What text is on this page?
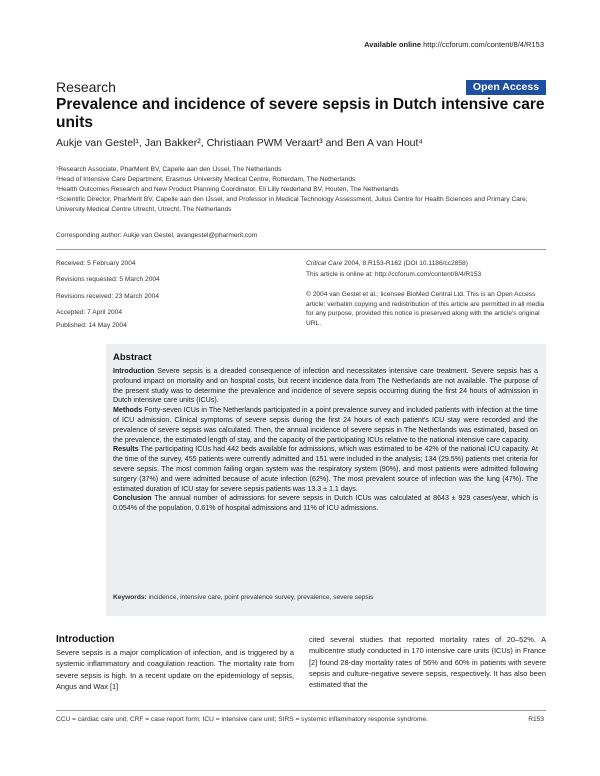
Available online http://ccforum.com/content/8/4/R153
Research	Open Access
Prevalence and incidence of severe sepsis in Dutch intensive care units
Aukje van Gestel¹, Jan Bakker², Christiaan PWM Veraart³ and Ben A van Hout⁴
¹Research Associate, PharMerit BV, Capelle aan den IJssel, The Netherlands
²Head of Intensive Care Department, Erasmus University Medical Centre, Rotterdam, The Netherlands
³Health Outcomes Research and New Product Planning Coordinator, Eli Lilly Nederland BV, Houten, The Netherlands
⁴Scientific Director, PharMerit BV, Capelle aan den IJssel, and Professor in Medical Technology Assessment, Julius Centre for Health Sciences and Primary Care, University Medical Centre Utrecht, Utrecht, The Netherlands
Corresponding author: Aukje van Gestel, avangestel@pharmerit.com
Received: 5 February 2004
Revisions requested: 5 March 2004
Revisions received: 23 March 2004
Accepted: 7 April 2004
Published: 14 May 2004
Critical Care 2004, 8:R153-R162 (DOI 10.1186/cc2858)
This article is online at: http://ccforum.com/content/8/4/R153
© 2004 van Gestel et al.; licensee BioMed Central Ltd. This is an Open Access article: verbatim copying and redistribution of this article are permitted in all media for any purpose, provided this notice is preserved along with the article's original URL.
Abstract

Introduction Severe sepsis is a dreaded consequence of infection and necessitates intensive care treatment. Severe sepsis has a profound impact on mortality and on hospital costs, but recent incidence data from The Netherlands are not available. The purpose of the present study was to determine the prevalence and incidence of severe sepsis occurring during the first 24 hours of admission in Dutch intensive care units (ICUs).

Methods Forty-seven ICUs in The Netherlands participated in a point prevalence survey and included patients with infection at the time of ICU admission. Clinical symptoms of severe sepsis during the first 24 hours of each patient's ICU stay were recorded and the prevalence of severe sepsis was calculated. Then, the annual incidence of severe sepsis in The Netherlands was estimated, based on the prevalence, the estimated length of stay, and the capacity of the participating ICUs relative to the national intensive care capacity.

Results The participating ICUs had 442 beds available for admissions, which was estimated to be 42% of the national ICU capacity. At the time of the survey, 455 patients were currently admitted and 151 were included in the analysis; 134 (29.5%) patients met criteria for severe sepsis. The most common failing organ system was the respiratory system (90%), and most patients were admitted following surgery (37%) and were admitted because of acute infection (62%). The most prevalent source of infection was the lung (47%). The estimated duration of ICU stay for severe sepsis patients was 13.3 ± 1.1 days.

Conclusion The annual number of admissions for severe sepsis in Dutch ICUs was calculated at 8643 ± 929 cases/year, which is 0.054% of the population, 0.61% of hospital admissions and 11% of ICU admissions.

Keywords: incidence, intensive care, point prevalence survey, prevalence, severe sepsis
Introduction
Severe sepsis is a major complication of infection, and is triggered by a systemic inflammatory and coagulation reaction. The mortality rate from severe sepsis is high. In a recent update on the epidemiology of sepsis, Angus and Wax [1]
cited several studies that reported mortality rates of 20–52%. A multicentre study conducted in 170 intensive care units (ICUs) in France [2] found 28-day mortality rates of 56% and 60% in patients with severe sepsis and culture-negative severe sepsis, respectively. It has also been estimated that the
CCU = cardiac care unit; CRF = case report form; ICU = intensive care unit; SIRS = systemic inflammatory response syndrome.	R153
